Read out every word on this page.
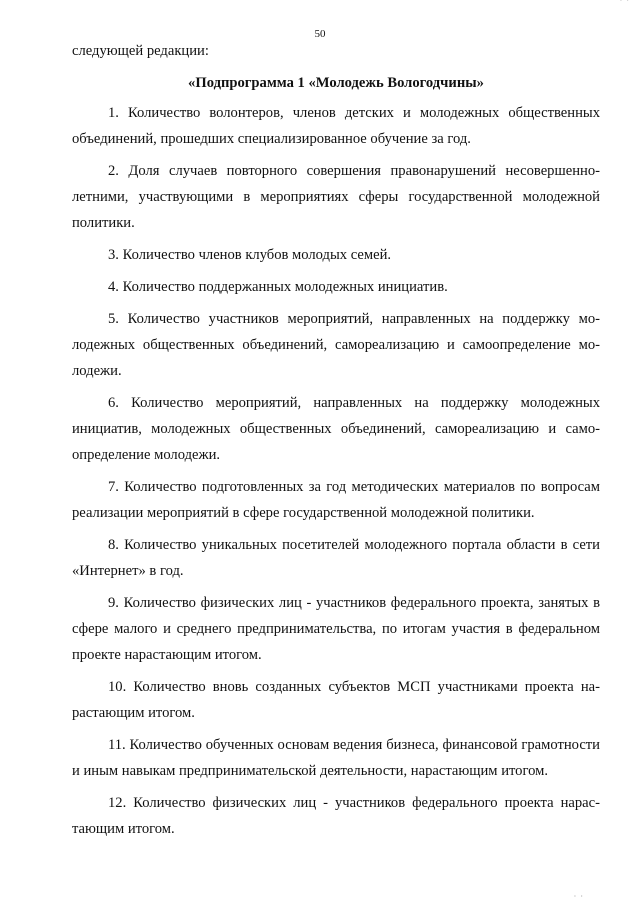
· ·
50

следующей редакции:

«Подпрограмма 1 «Молодежь Вологодчины»

1. Количество волонтеров, членов детских и молодежных общественных объединений, прошедших специализированное обучение за год.

2. Доля случаев повторного совершения правонарушений несовершеннолетними, участвующими в мероприятиях сферы государственной молодежной политики.

3. Количество членов клубов молодых семей.

4. Количество поддержанных молодежных инициатив.

5. Количество участников мероприятий, направленных на поддержку молодежных общественных объединений, самореализацию и самоопределение молодежи.

6. Количество мероприятий, направленных на поддержку молодежных инициатив, молодежных общественных объединений, самореализацию и самоопределение молодежи.

7. Количество подготовленных за год методических материалов по вопросам реализации мероприятий в сфере государственной молодежной политики.

8. Количество уникальных посетителей молодежного портала области в сети «Интернет» в год.

9. Количество физических лиц - участников федерального проекта, занятых в сфере малого и среднего предпринимательства, по итогам участия в федеральном проекте нарастающим итогом.

10. Количество вновь созданных субъектов МСП участниками проекта нарастающим итогом.

11. Количество обученных основам ведения бизнеса, финансовой грамотности и иным навыкам предпринимательской деятельности, нарастающим итогом.

12. Количество физических лиц - участников федерального проекта нарастающим итогом.

· ·
